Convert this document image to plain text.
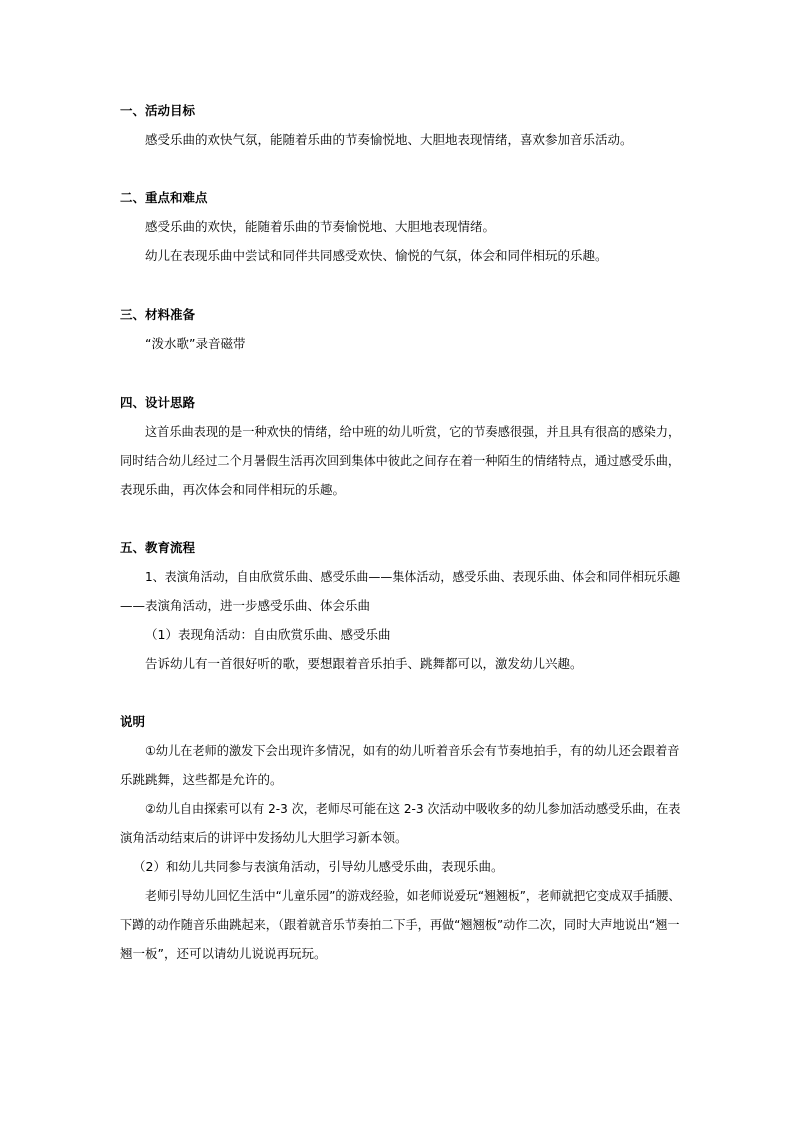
一、活动目标
感受乐曲的欢快气氛，能随着乐曲的节奏愉悦地、大胆地表现情绪，喜欢参加音乐活动。
二、重点和难点
感受乐曲的欢快，能随着乐曲的节奏愉悦地、大胆地表现情绪。
幼儿在表现乐曲中尝试和同伴共同感受欢快、愉悦的气氛，体会和同伴相玩的乐趣。
三、材料准备
“泼水歌”录音磁带
四、设计思路
这首乐曲表现的是一种欢快的情绪，给中班的幼儿听赏，它的节奏感很强，并且具有很高的感染力，
同时结合幼儿经过二个月暑假生活再次回到集体中彼此之间存在着一种陌生的情绪特点，通过感受乐曲，
表现乐曲，再次体会和同伴相玩的乐趣。
五、教育流程
1、表演角活动，自由欣赏乐曲、感受乐曲——集体活动，感受乐曲、表现乐曲、体会和同伴相玩乐趣
——表演角活动，进一步感受乐曲、体会乐曲
（1）表现角活动：自由欣赏乐曲、感受乐曲
告诉幼儿有一首很好听的歌，要想跟着音乐拍手、跳舞都可以，激发幼儿兴趣。
说明
①幼儿在老师的激发下会出现许多情况，如有的幼儿听着音乐会有节奏地拍手，有的幼儿还会跟着音
乐跳跳舞，这些都是允许的。
②幼儿自由探索可以有 2-3 次，老师尽可能在这 2-3 次活动中吸收多的幼儿参加活动感受乐曲，在表
演角活动结束后的讲评中发扬幼儿大胆学习新本领。
（2）和幼儿共同参与表演角活动，引导幼儿感受乐曲，表现乐曲。
老师引导幼儿回忆生活中“儿童乐园”的游戏经验，如老师说爱玩“翘翘板”，老师就把它变成双手插腰、
下蹲的动作随音乐曲跳起来，（跟着就音乐节奏拍二下手，再做“翘翘板”动作二次，同时大声地说出“翘一
翘一板”，还可以请幼儿说说再玩玩。
